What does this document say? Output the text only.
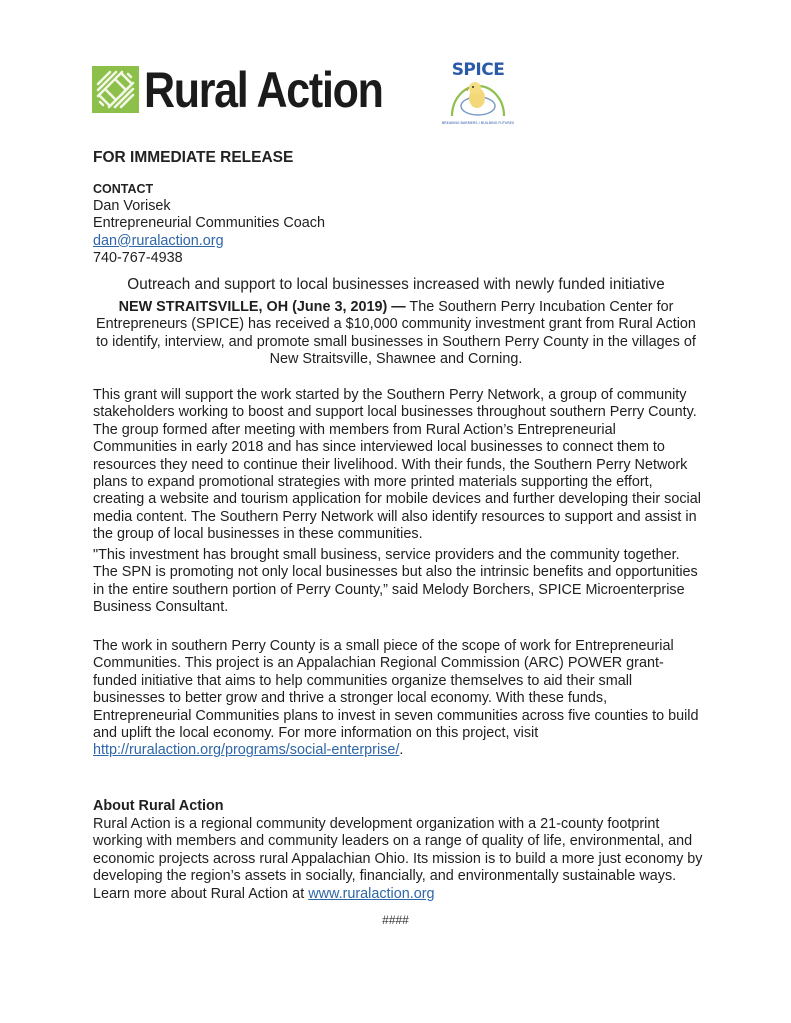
Rural Action	SPICE
BREAKING BARRIERS / BUILDING FUTURES
FOR IMMEDIATE RELEASE
CONTACT
Dan Vorisek
Entrepreneurial Communities Coach
dan@ruralaction.org
740-767-4938
Outreach and support to local businesses increased with newly funded initiative
NEW STRAITSVILLE, OH (June 3, 2019) — The Southern Perry Incubation Center for Entrepreneurs (SPICE) has received a $10,000 community investment grant from Rural Action to identify, interview, and promote small businesses in Southern Perry County in the villages of New Straitsville, Shawnee and Corning.
This grant will support the work started by the Southern Perry Network, a group of community stakeholders working to boost and support local businesses throughout southern Perry County. The group formed after meeting with members from Rural Action’s Entrepreneurial Communities in early 2018 and has since interviewed local businesses to connect them to resources they need to continue their livelihood. With their funds, the Southern Perry Network plans to expand promotional strategies with more printed materials supporting the effort, creating a website and tourism application for mobile devices and further developing their social media content. The Southern Perry Network will also identify resources to support and assist in the group of local businesses in these communities.
"This investment has brought small business, service providers and the community together. The SPN is promoting not only local businesses but also the intrinsic benefits and opportunities in the entire southern portion of Perry County,” said Melody Borchers, SPICE Microenterprise Business Consultant.
The work in southern Perry County is a small piece of the scope of work for Entrepreneurial Communities. This project is an Appalachian Regional Commission (ARC) POWER grant-funded initiative that aims to help communities organize themselves to aid their small businesses to better grow and thrive a stronger local economy. With these funds, Entrepreneurial Communities plans to invest in seven communities across five counties to build and uplift the local economy. For more information on this project, visit http://ruralaction.org/programs/social-enterprise/.
About Rural Action
Rural Action is a regional community development organization with a 21-county footprint working with members and community leaders on a range of quality of life, environmental, and economic projects across rural Appalachian Ohio. Its mission is to build a more just economy by developing the region’s assets in socially, financially, and environmentally sustainable ways. Learn more about Rural Action at www.ruralaction.org
####
